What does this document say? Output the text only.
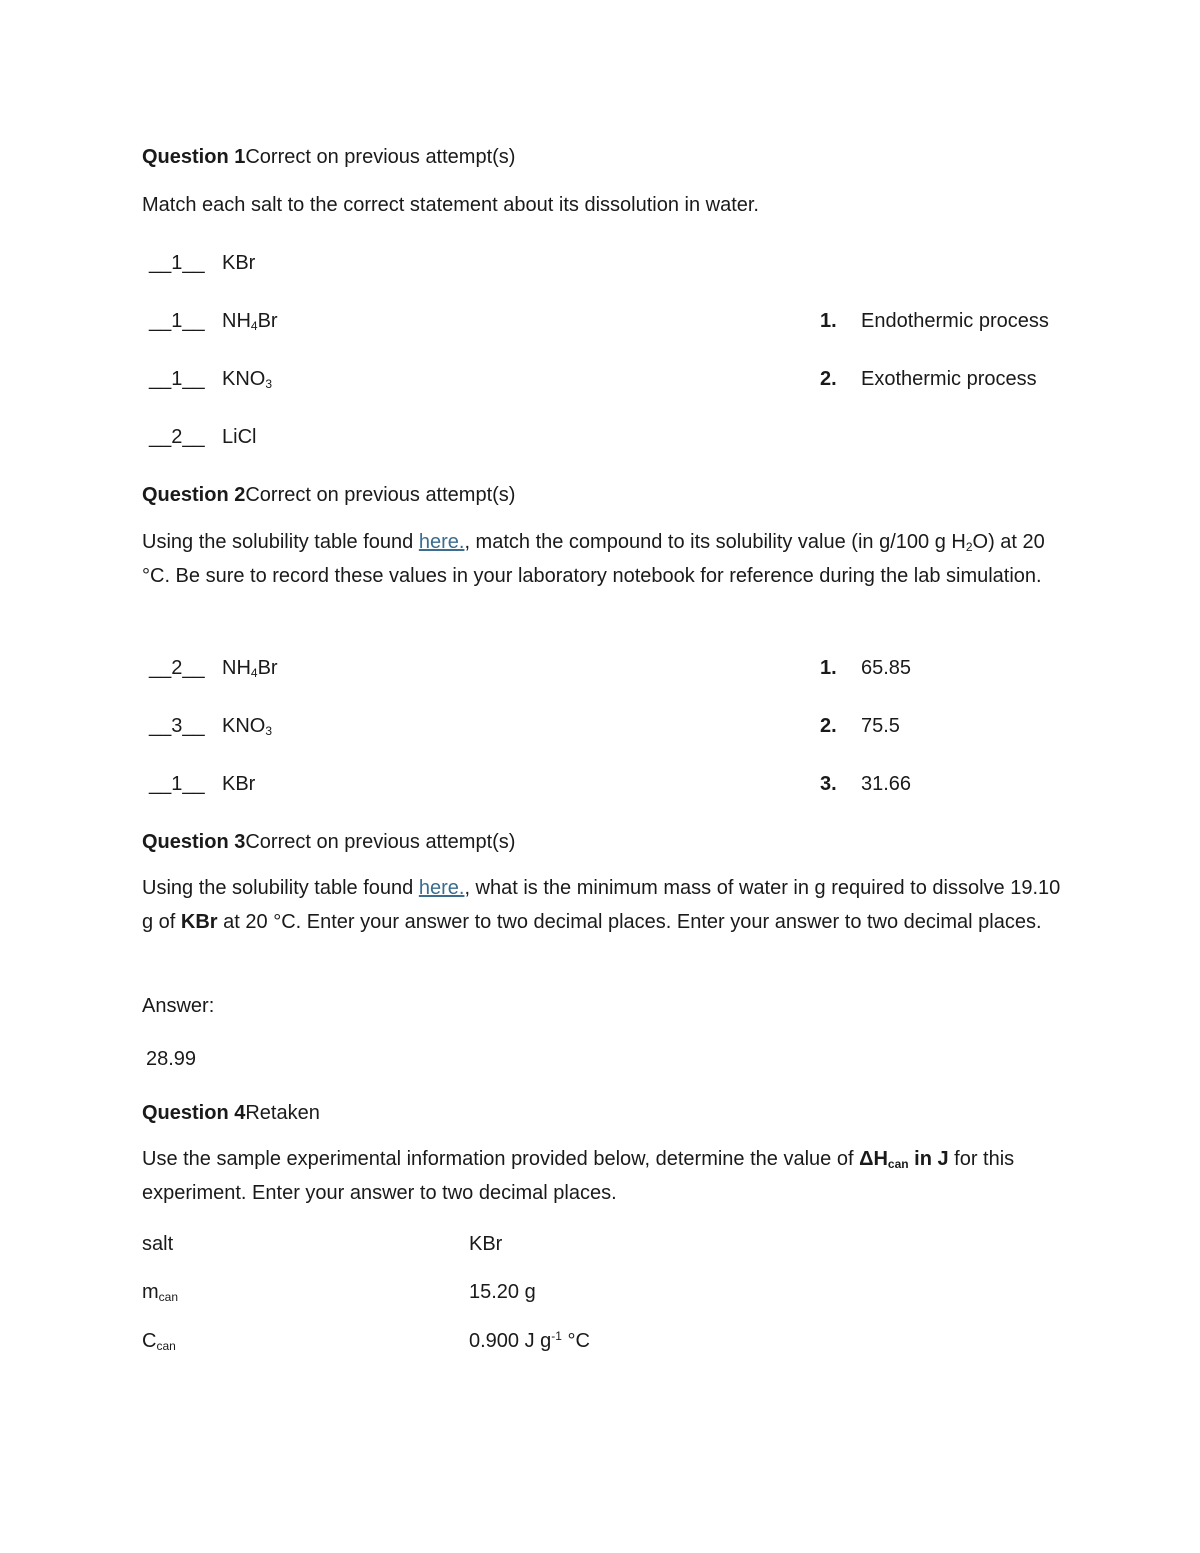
Question 1Correct on previous attempt(s)
Match each salt to the correct statement about its dissolution in water.
__1__ KBr
__1__ $NH_4Br$	1. Endothermic process
__1__ $KNO_3$	2. Exothermic process
__2__ LiCl
Question 2Correct on previous attempt(s)
Using the solubility table found here., match the compound to its solubility value (in g/100 g $H_2O$) at 20 °C. Be sure to record these values in your laboratory notebook for reference during the lab simulation.
__2__ $NH_4Br$	1. 65.85
__3__ $KNO_3$	2. 75.5
__1__ KBr	3. 31.66
Question 3Correct on previous attempt(s)
Using the solubility table found here., what is the minimum mass of water in g required to dissolve 19.10 g of KBr at 20 °C. Enter your answer to two decimal places. Enter your answer to two decimal places.
Answer:
28.99
Question 4Retaken
Use the sample experimental information provided below, determine the value of $\Delta H_{can}$ in J for this experiment. Enter your answer to two decimal places.
salt	KBr
$m_{can}$	15.20 g
$C_{can}$	0.900 J $g^{-1}$ °C
